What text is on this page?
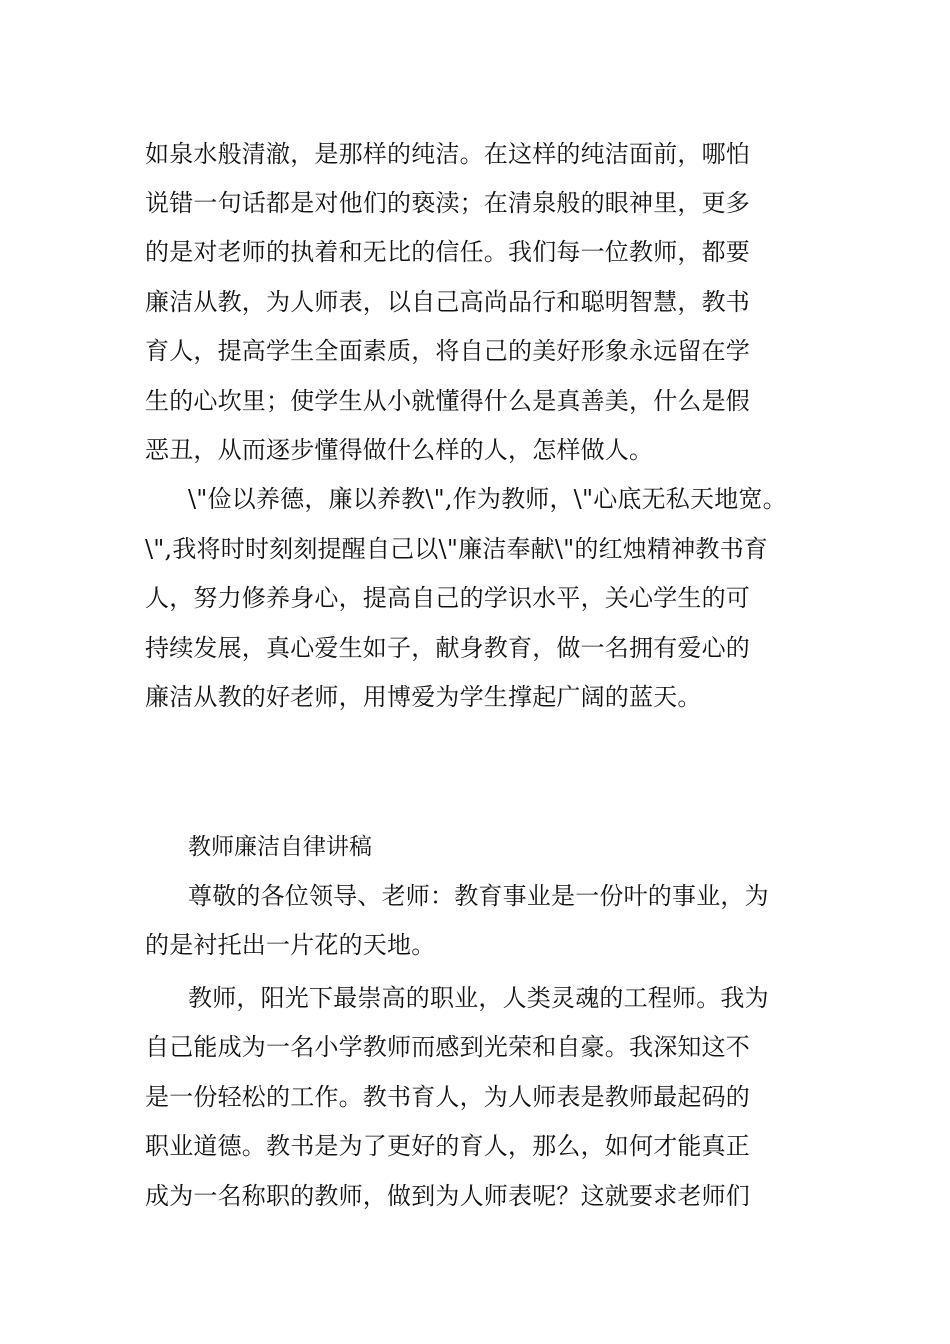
如泉水般清澈，是那样的纯洁。在这样的纯洁面前，哪怕
说错一句话都是对他们的亵渎；在清泉般的眼神里，更多
的是对老师的执着和无比的信任。我们每一位教师，都要
廉洁从教，为人师表，以自己高尚品行和聪明智慧，教书
育人，提高学生全面素质，将自己的美好形象永远留在学
生的心坎里；使学生从小就懂得什么是真善美，什么是假
恶丑，从而逐步懂得做什么样的人，怎样做人。
\"俭以养德，廉以养教\",作为教师，\"心底无私天地宽。
\",我将时时刻刻提醒自己以\"廉洁奉献\"的红烛精神教书育
人，努力修养身心，提高自己的学识水平，关心学生的可
持续发展，真心爱生如子，献身教育，做一名拥有爱心的
廉洁从教的好老师，用博爱为学生撑起广阔的蓝天。
教师廉洁自律讲稿
尊敬的各位领导、老师：教育事业是一份叶的事业，为
的是衬托出一片花的天地。
教师，阳光下最崇高的职业，人类灵魂的工程师。我为
自己能成为一名小学教师而感到光荣和自豪。我深知这不
是一份轻松的工作。教书育人，为人师表是教师最起码的
职业道德。教书是为了更好的育人，那么，如何才能真正
成为一名称职的教师，做到为人师表呢？这就要求老师们
